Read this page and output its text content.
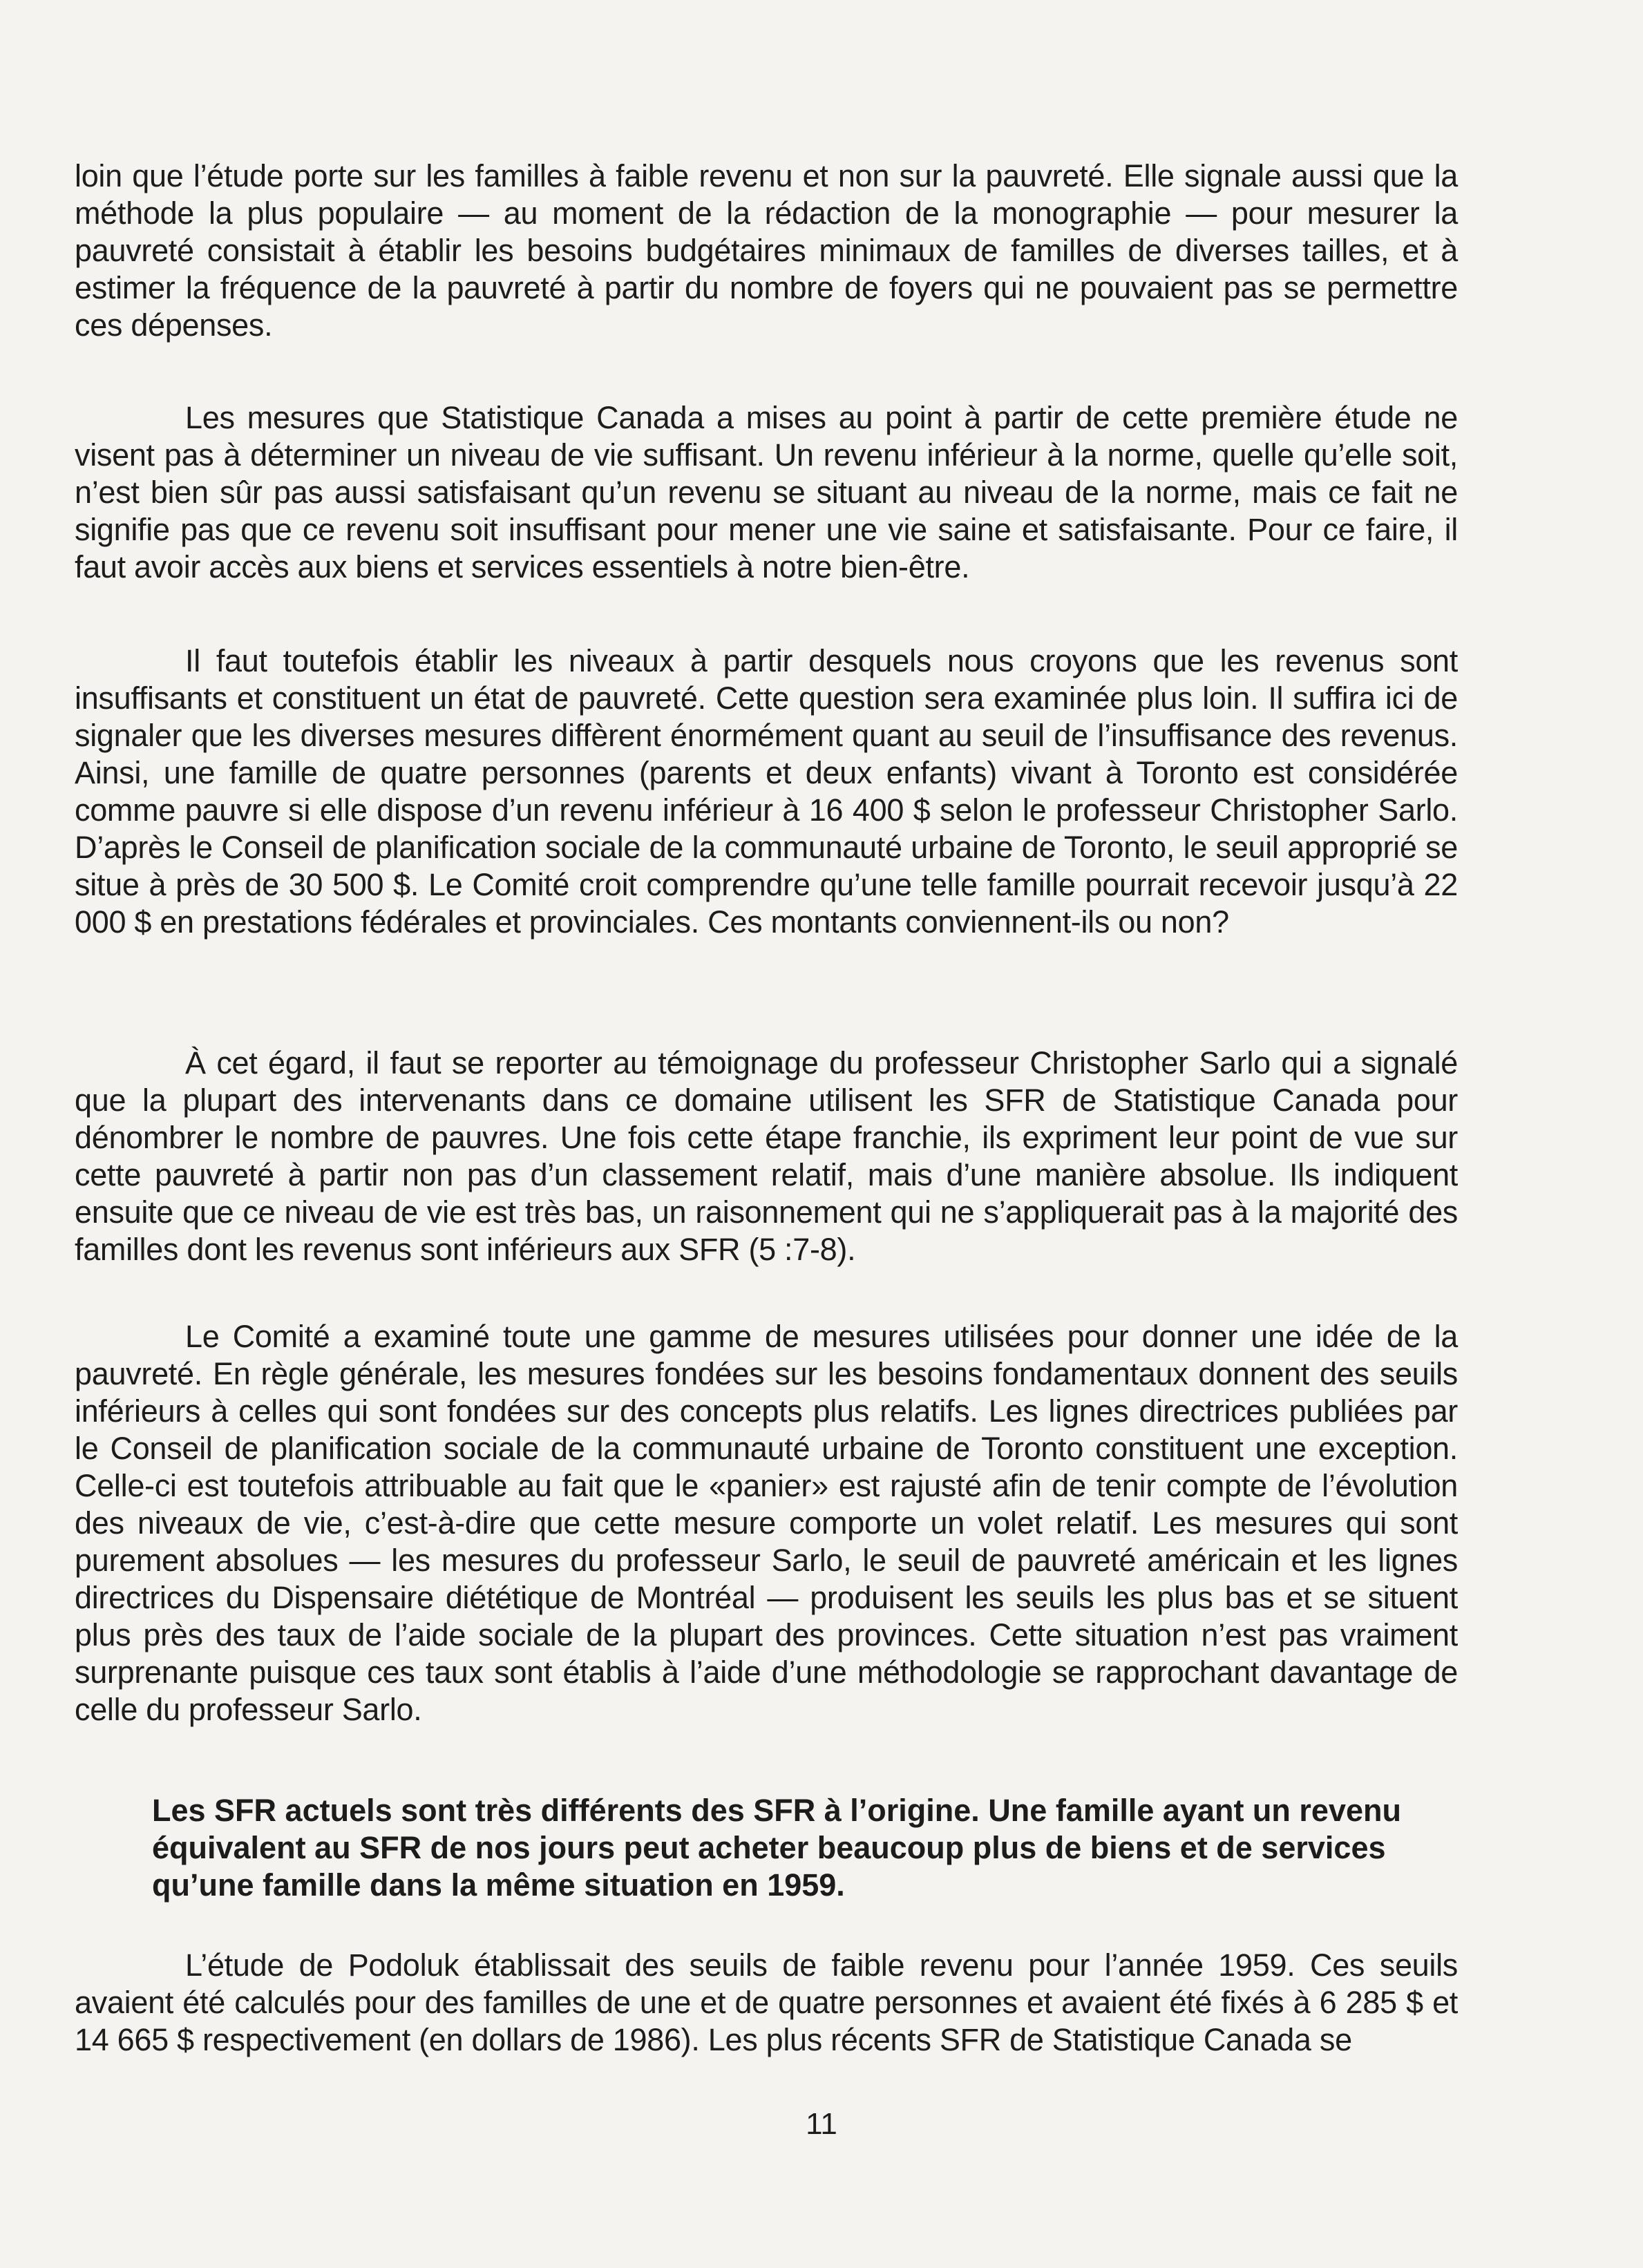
loin que l’étude porte sur les familles à faible revenu et non sur la pauvreté. Elle signale aussi que la méthode la plus populaire — au moment de la rédaction de la monographie — pour mesurer la pauvreté consistait à établir les besoins budgétaires minimaux de familles de diverses tailles, et à estimer la fréquence de la pauvreté à partir du nombre de foyers qui ne pouvaient pas se permettre ces dépenses.

Les mesures que Statistique Canada a mises au point à partir de cette première étude ne visent pas à déterminer un niveau de vie suffisant. Un revenu inférieur à la norme, quelle qu’elle soit, n’est bien sûr pas aussi satisfaisant qu’un revenu se situant au niveau de la norme, mais ce fait ne signifie pas que ce revenu soit insuffisant pour mener une vie saine et satisfaisante. Pour ce faire, il faut avoir accès aux biens et services essentiels à notre bien-être.

Il faut toutefois établir les niveaux à partir desquels nous croyons que les revenus sont insuffisants et constituent un état de pauvreté. Cette question sera examinée plus loin. Il suffira ici de signaler que les diverses mesures diffèrent énormément quant au seuil de l’insuffisance des revenus. Ainsi, une famille de quatre personnes (parents et deux enfants) vivant à Toronto est considérée comme pauvre si elle dispose d’un revenu inférieur à 16 400 $ selon le professeur Christopher Sarlo. D’après le Conseil de planification sociale de la communauté urbaine de Toronto, le seuil approprié se situe à près de 30 500 $. Le Comité croit comprendre qu’une telle famille pourrait recevoir jusqu’à 22 000 $ en prestations fédérales et provinciales. Ces montants conviennent-ils ou non?

À cet égard, il faut se reporter au témoignage du professeur Christopher Sarlo qui a signalé que la plupart des intervenants dans ce domaine utilisent les SFR de Statistique Canada pour dénombrer le nombre de pauvres. Une fois cette étape franchie, ils expriment leur point de vue sur cette pauvreté à partir non pas d’un classement relatif, mais d’une manière absolue. Ils indiquent ensuite que ce niveau de vie est très bas, un raisonnement qui ne s’appliquerait pas à la majorité des familles dont les revenus sont inférieurs aux SFR (5 :7-8).

Le Comité a examiné toute une gamme de mesures utilisées pour donner une idée de la pauvreté. En règle générale, les mesures fondées sur les besoins fondamentaux donnent des seuils inférieurs à celles qui sont fondées sur des concepts plus relatifs. Les lignes directrices publiées par le Conseil de planification sociale de la communauté urbaine de Toronto constituent une exception. Celle-ci est toutefois attribuable au fait que le «panier» est rajusté afin de tenir compte de l’évolution des niveaux de vie, c’est-à-dire que cette mesure comporte un volet relatif. Les mesures qui sont purement absolues — les mesures du professeur Sarlo, le seuil de pauvreté américain et les lignes directrices du Dispensaire diététique de Montréal — produisent les seuils les plus bas et se situent plus près des taux de l’aide sociale de la plupart des provinces. Cette situation n’est pas vraiment surprenante puisque ces taux sont établis à l’aide d’une méthodologie se rapprochant davantage de celle du professeur Sarlo.

Les SFR actuels sont très différents des SFR à l’origine. Une famille ayant un revenu équivalent au SFR de nos jours peut acheter beaucoup plus de biens et de services qu’une famille dans la même situation en 1959.

L’étude de Podoluk établissait des seuils de faible revenu pour l’année 1959. Ces seuils avaient été calculés pour des familles de une et de quatre personnes et avaient été fixés à 6 285 $ et 14 665 $ respectivement (en dollars de 1986). Les plus récents SFR de Statistique Canada se

11
